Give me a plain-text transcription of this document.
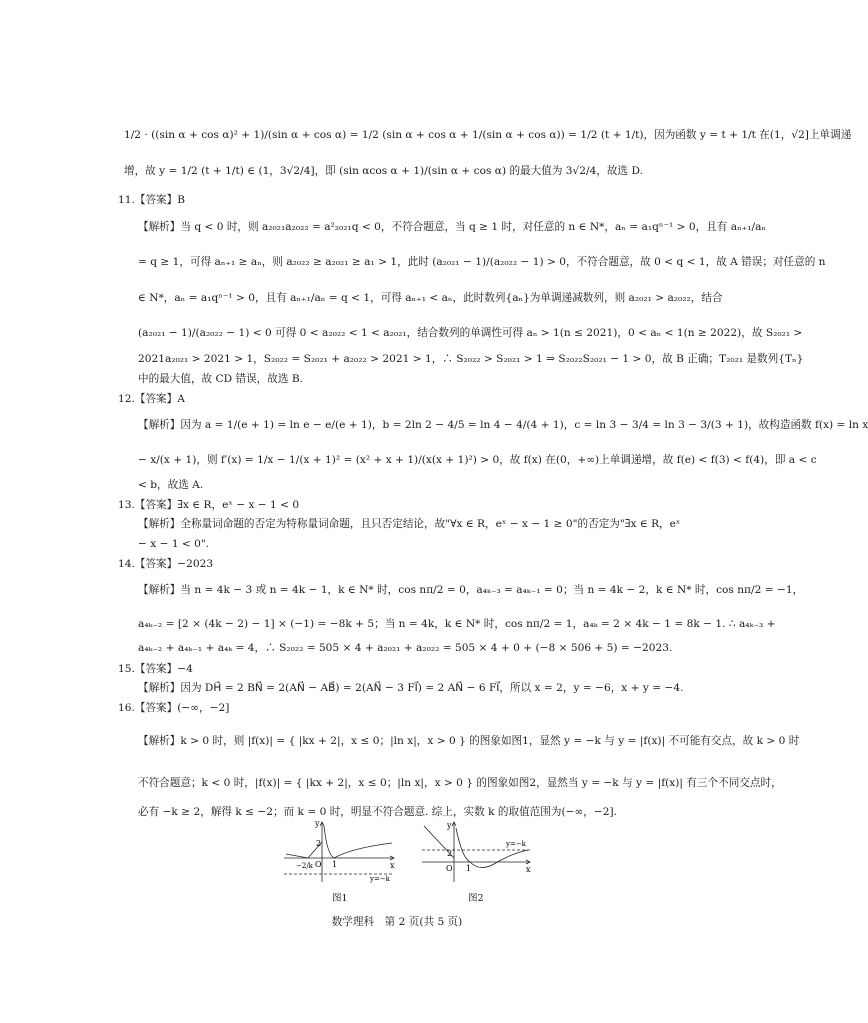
1/2 · ((sin α + cos α)² + 1)/(sin α + cos α) = 1/2 (sin α + cos α + 1/(sin α + cos α)) = 1/2 (t + 1/t)，因为函数 y = t + 1/t 在(1，√2]上单调递
增，故 y = 1/2 (t + 1/t) ∈ (1，3√2/4]，即 (sin αcos α + 1)/(sin α + cos α) 的最大值为 3√2/4，故选 D.
11.【答案】B
【解析】当 q < 0 时，则 a₂₀₂₁a₂₀₂₂ = a²₂₀₂₁q < 0，不符合题意，当 q ≥ 1 时，对任意的 n ∈ N*，aₙ = a₁qⁿ⁻¹ > 0，且有 aₙ₊₁/aₙ
= q ≥ 1，可得 aₙ₊₁ ≥ aₙ，则 a₂₀₂₂ ≥ a₂₀₂₁ ≥ a₁ > 1，此时 (a₂₀₂₁ − 1)/(a₂₀₂₂ − 1) > 0，不符合题意，故 0 < q < 1，故 A 错误；对任意的 n
∈ N*，aₙ = a₁qⁿ⁻¹ > 0，且有 aₙ₊₁/aₙ = q < 1，可得 aₙ₊₁ < aₙ，此时数列{aₙ}为单调递减数列，则 a₂₀₂₁ > a₂₀₂₂，结合
(a₂₀₂₁ − 1)/(a₂₀₂₂ − 1) < 0 可得 0 < a₂₀₂₂ < 1 < a₂₀₂₁，结合数列的单调性可得 aₙ > 1(n ≤ 2021)，0 < aₙ < 1(n ≥ 2022)，故 S₂₀₂₁ >
2021a₂₀₂₁ > 2021 > 1，S₂₀₂₂ = S₂₀₂₁ + a₂₀₂₂ > 2021 > 1，∴ S₂₀₂₂ > S₂₀₂₁ > 1 ⇒ S₂₀₂₂S₂₀₂₁ − 1 > 0，故 B 正确；T₂₀₂₁ 是数列{Tₙ}
中的最大值，故 CD 错误，故选 B.
12.【答案】A
【解析】因为 a = 1/(e + 1) = ln e − e/(e + 1)，b = 2ln 2 − 4/5 = ln 4 − 4/(4 + 1)，c = ln 3 − 3/4 = ln 3 − 3/(3 + 1)，故构造函数 f(x) = ln x
− x/(x + 1)，则 f′(x) = 1/x − 1/(x + 1)² = (x² + x + 1)/(x(x + 1)²) > 0，故 f(x) 在(0，+∞)上单调递增，故 f(e) < f(3) < f(4)，即 a < c
< b，故选 A.
13.【答案】∃x ∈ R，eˣ − x − 1 < 0
【解析】全称量词命题的否定为特称量词命题，且只否定结论，故"∀x ∈ R，eˣ − x − 1 ≥ 0"的否定为"∃x ∈ R，eˣ
− x − 1 < 0".
14.【答案】−2023
【解析】当 n = 4k − 3 或 n = 4k − 1，k ∈ N* 时，cos nπ/2 = 0，a₄ₖ₋₃ = a₄ₖ₋₁ = 0；当 n = 4k − 2，k ∈ N* 时，cos nπ/2 = −1，
a₄ₖ₋₂ = [2 × (4k − 2) − 1] × (−1) = −8k + 5；当 n = 4k，k ∈ N* 时，cos nπ/2 = 1，a₄ₖ = 2 × 4k − 1 = 8k − 1. ∴ a₄ₖ₋₃ +
a₄ₖ₋₂ + a₄ₖ₋₁ + a₄ₖ = 4，∴ S₂₀₂₂ = 505 × 4 + a₂₀₂₁ + a₂₀₂₂ = 505 × 4 + 0 + (−8 × 506 + 5) = −2023.
15.【答案】−4
【解析】因为 DH⃗ = 2 BN⃗ = 2(AN⃗ − AB⃗) = 2(AN⃗ − 3 FI⃗) = 2 AN⃗ − 6 FI⃗，所以 x = 2，y = −6，x + y = −4.
16.【答案】(−∞，−2]
【解析】k > 0 时，则 |f(x)| = { |kx + 2|，x ≤ 0；|ln x|，x > 0 } 的图象如图1，显然 y = −k 与 y = |f(x)| 不可能有交点，故 k > 0 时
不符合题意；k < 0 时，|f(x)| = { |kx + 2|，x ≤ 0；|ln x|，x > 0 } 的图象如图2，显然当 y = −k 与 y = |f(x)| 有三个不同交点时，
必有 −k ≥ 2，解得 k ≤ −2；而 k = 0 时，明显不符合题意. 综上，实数 k 的取值范围为(−∞，−2].
y
x
2
O 1
−2/k
y=−k
图1
y
x
2
O 1
y=−k
图2
数学理科　第 2 页(共 5 页)
